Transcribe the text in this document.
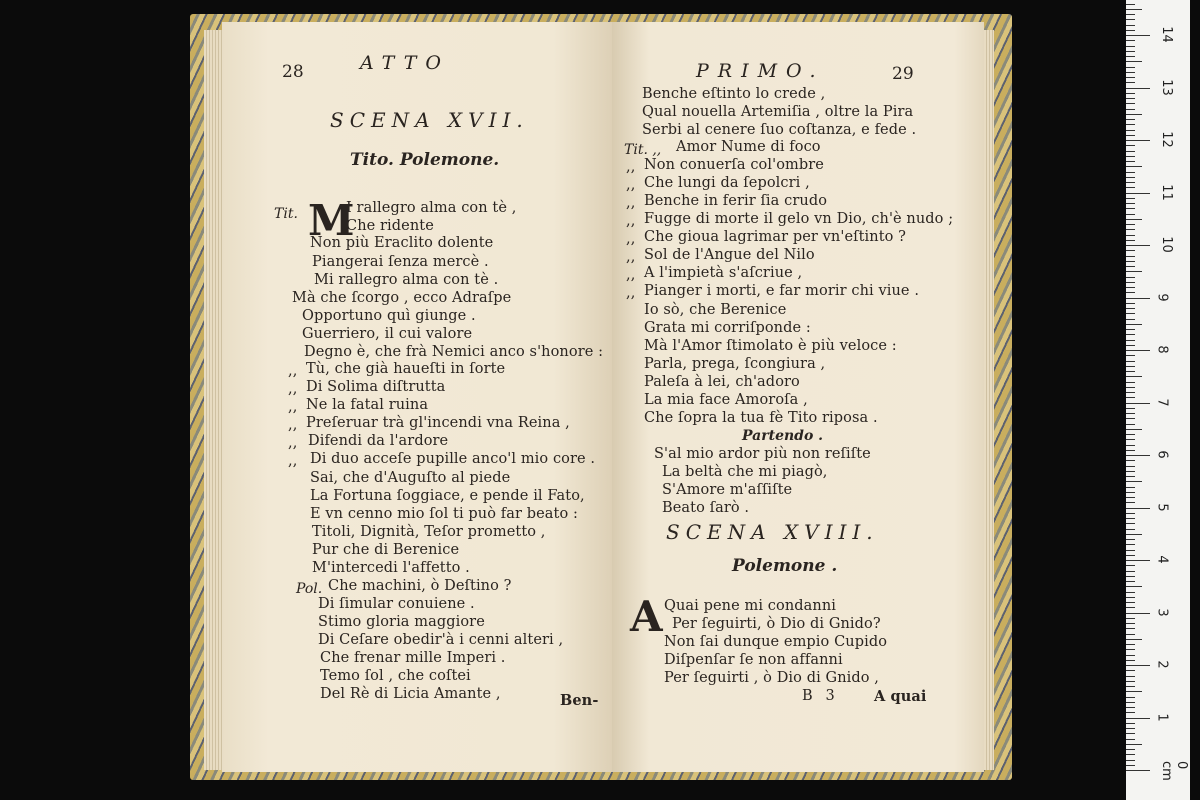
28	ATTO
SCENA XVII.
Tito. Polemone.
Tit. M
I rallegro alma con tè ,
Che ridente
Non più Eraclito dolente
Piangerai ſenza mercè .
Mi rallegro alma con tè .
Mà che ſcorgo , ecco Adraſpe
Opportuno quì giunge .
Guerriero, il cui valore
Degno è, che frà Nemici anco s'honore :
,, Tù, che già haueſti in ſorte
,, Di Solima diſtrutta
,, Ne la fatal ruina
,, Preſeruar trà gl'incendi vna Reina ,
,, Difendi da l'ardore
,, Di duo acceſe pupille anco'l mio core .
Sai, che d'Auguſto al piede
La Fortuna ſoggiace, e pende il Fato,
E vn cenno mio ſol ti può far beato :
Titoli, Dignità, Teſor prometto ,
Pur che di Berenice
M'intercedi l'affetto .
Pol. Che machini, ò Deſtino ?
Di ſimular conuiene .
Stimo gloria maggiore
Di Ceſare obedir'à i cenni alteri ,
Che frenar mille Imperi .
Temo ſol , che coſtei
Del Rè di Licia Amante ,	Ben-
PRIMO.	29
Benche eſtinto lo crede ,
Qual nouella Artemiſia , oltre la Pira
Serbi al cenere ſuo coſtanza, e fede .
Tit. ,, Amor Nume di foco
,, Non conuerſa col'ombre
,, Che lungi da ſepolcri ,
,, Benche in ferir ſia crudo
,, Fugge di morte il gelo vn Dio, ch'è nudo ;
,, Che gioua lagrimar per vn'eſtinto ?
,, Sol de l'Angue del Nilo
,, A l'impietà s'aſcriue ,
,, Pianger i morti, e far morir chi viue .
Io sò, che Berenice
Grata mi corriſponde :
Mà l'Amor ſtimolato è più veloce :
Parla, prega, ſcongiura ,
Paleſa à lei, ch'adoro
La mia face Amoroſa ,
Che ſopra la tua fè Tito riposa .
Partendo .
S'al mio ardor più non reſiſte
La beltà che mi piagò,
S'Amore m'aſſiſte
Beato ſarò .
SCENA XVIII.
Polemone .
A Quai pene mi condanni
Per ſeguirti, ò Dio di Gnido?
Non ſai dunque empio Cupido
Diſpenſar ſe non affanni
Per ſeguirti , ò Dio di Gnido ,
B 3	A quai
0 cm
1
2
3
4
5
6
7
8
9
10
11
12
13
14
